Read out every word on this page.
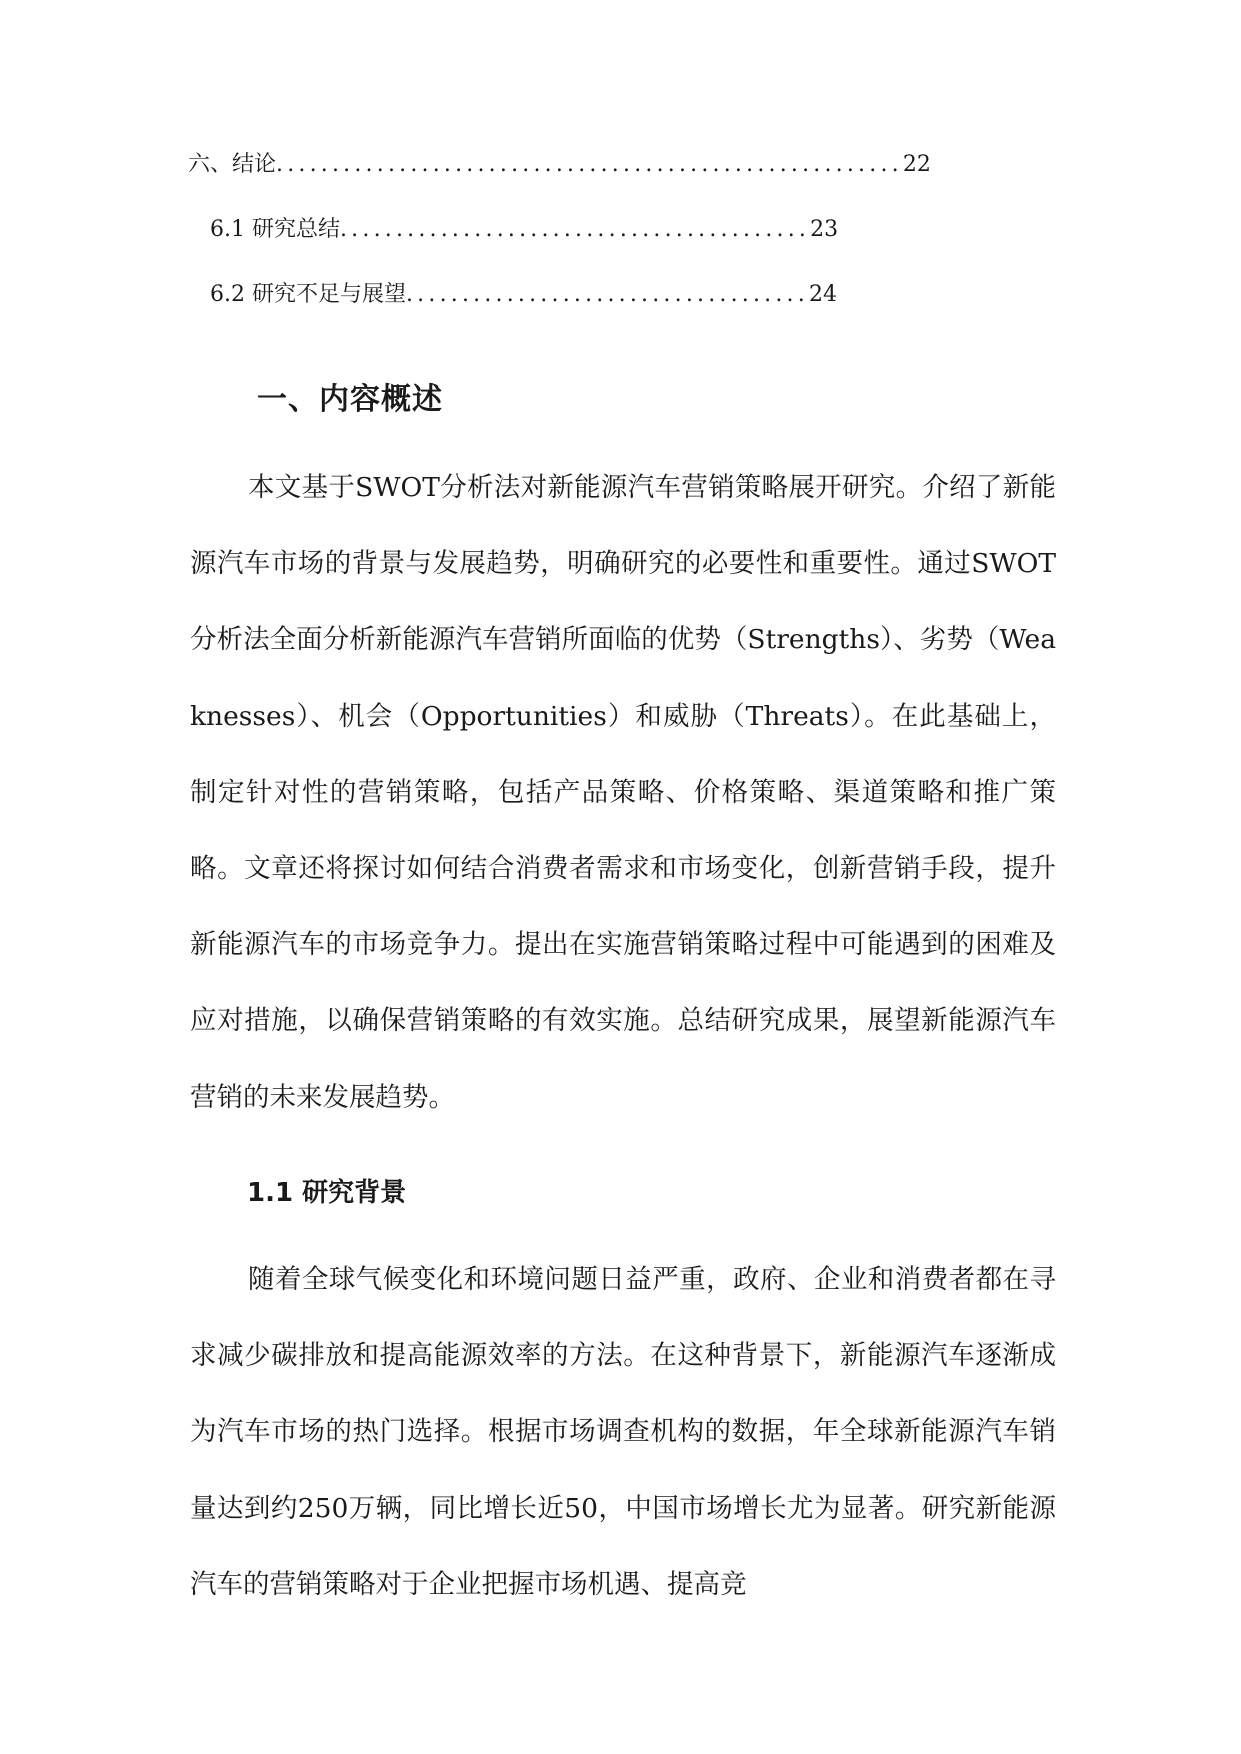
六、结论 ........................................................ 22
6.1 研究总结 .......................................... 23
6.2 研究不足与展望 .................................... 24
一、内容概述

本文基于SWOT分析法对新能源汽车营销策略展开研究。介绍了新能源汽车市场的背景与发展趋势，明确研究的必要性和重要性。通过SWOT分析法全面分析新能源汽车营销所面临的优势（Strengths）、劣势（Weaknesses）、机会（Opportunities）和威胁（Threats）。在此基础上，制定针对性的营销策略，包括产品策略、价格策略、渠道策略和推广策略。文章还将探讨如何结合消费者需求和市场变化，创新营销手段，提升新能源汽车的市场竞争力。提出在实施营销策略过程中可能遇到的困难及应对措施，以确保营销策略的有效实施。总结研究成果，展望新能源汽车营销的未来发展趋势。

1.1 研究背景

随着全球气候变化和环境问题日益严重，政府、企业和消费者都在寻求减少碳排放和提高能源效率的方法。在这种背景下，新能源汽车逐渐成为汽车市场的热门选择。根据市场调查机构的数据，年全球新能源汽车销量达到约250万辆，同比增长近50，中国市场增长尤为显著。研究新能源汽车的营销策略对于企业把握市场机遇、提高竞
